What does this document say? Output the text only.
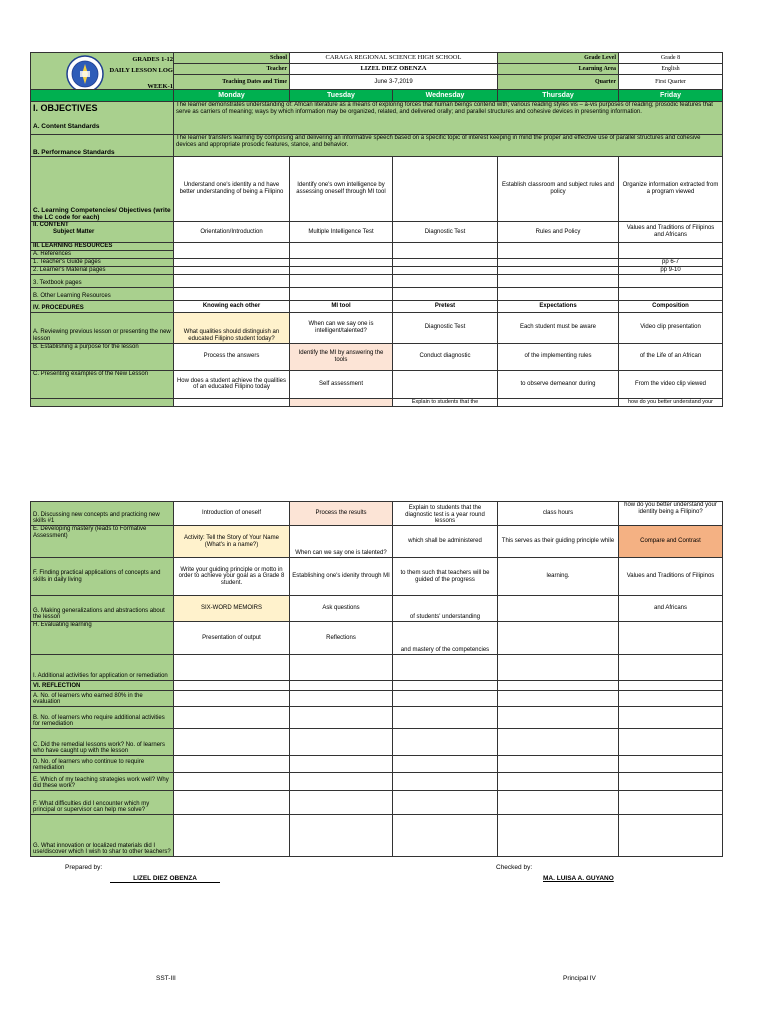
GRADES 1-12
DAILY LESSON LOG
WEEK-1	School	CARAGA REGIONAL SCIENCE HIGH SCHOOL		Grade Level	Grade 8
	Teacher	LIZEL DIEZ OBENZA		Learning Area	English
	Teaching Dates and Time	June 3-7,2019		Quarter	First Quarter
	Monday	Tuesday	Wednesday	Thursday	Friday

I. OBJECTIVES
A. Content Standards	The learner demonstrates understanding of: African literature as a means of exploring forces that human beings contend with; various reading styles vis – à-vis purposes of reading; prosodic features that serve as carriers of meaning; ways by which information may be organized, related, and delivered orally; and parallel structures and cohesive devices in presenting information.				
B. Performance Standards	The learner transfers learning by composing and delivering an informative speech based on a specific topic of interest keeping in mind the proper and effective use of parallel structures and cohesive devices and appropriate prosodic features, stance, and behavior.				
C. Learning Competencies/ Objectives (write the LC code for each)	Understand one's identity a nd have better understanding of being a Filipino	Identify one's own intelligence by assessing oneself through MI tool		Establish classroom and subject rules and policy	Organize information extracted from a program viewed

II. CONTENT
Subject Matter	Orientation/Introduction	Multiple Intelligence Test	Diagnostic Test	Rules and Policy	Values and Traditions of Filipinos and Africans
III. LEARNING RESOURCES					
A. References					
1. Teacher's Guide pages					pp 6-7
2. Learner's Material pages					pp 9-10
3. Textbook pages					
B. Other Learning Resources					
IV. PROCEDURES	Knowing each other	MI tool	Pretest	Expectations	Composition
A. Reviewing previous lesson or presenting the new lesson	What qualities should distinguish an educated Filipino student today?	When can we say one is intelligent/talented?	Diagnostic Test	Each student must be aware	Video clip presentation
B. Establishing a purpose for the lesson	Process the answers	Identify the MI by answering the tools	Conduct diagnostic	of the implementing rules	of the Life of an African
C. Presenting examples of the New Lesson	How does a student achieve the qualities of an educated Filipino today	Self assessment		to observe demeanor during	From the video clip viewed
			Explain to students that the		how do you better understand your
D. Discussing new concepts and practicing new skills #1	Introduction of oneself	Process the results	Explain to students that the diagnostic test is a year round lessons	class hours	how do you better understand your identity being a Filipino?
E. Developing mastery (leads to Formative Assessment)	Activity: Tell the Story of Your Name (What's in a name?)	When can we say one is talented?	which shall be administered	This serves as their guiding principle while	Compare and Contrast
F. Finding practical applications of concepts and skills in daily living	Write your guiding principle or motto in order to achieve your goal as a Grade 8 student.	Establishing one's idenity through MI	to them such that teachers will be guided of the progress	learning.	Values and Traditions of Filipinos
G. Making generalizations and abstractions about the lesson	SIX-WORD MEMOIRS	Ask questions	of students' understanding		and Africans
H. Evaluating learning	Presentation of output	Reflections	and mastery of the competencies		
I. Additional activities for application or remediation					
VI. REFLECTION					
A. No. of learners who earned 80% in the evaluation					
B. No. of learners who require additional activities for remediation					
C. Did the remedial lessons work? No. of learners who have caught up with the lesson					
D. No. of learners who continue to require remediation					
E. Which of my teaching strategies work well? Why did these work?					
F. What difficulties did I encounter which my principal or supervisor can help me solve?					
G. What innovation or localized materials did I use/discover which I wish to shar to other teachers?					
Prepared by:
LIZEL DIEZ OBENZA
SST-III
Checked by:
MA. LUISA A. GUYANO
Principal IV
